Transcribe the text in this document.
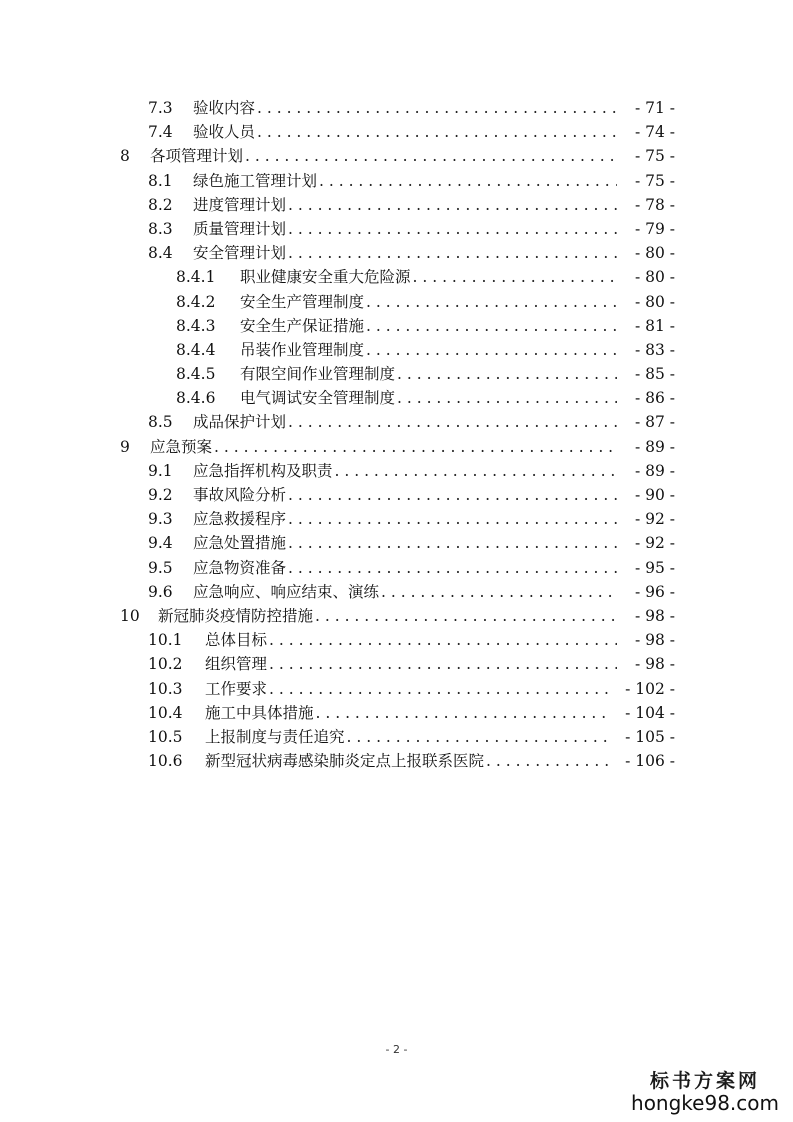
7.3 验收内容 . . .	- 71 -
7.4 验收人员 . . .	- 74 -
8 各项管理计划 . . .	- 75 -
8.1 绿色施工管理计划 . . .	- 75 -
8.2 进度管理计划 . . .	- 78 -
8.3 质量管理计划 . . .	- 79 -
8.4 安全管理计划 . . .	- 80 -
8.4.1 职业健康安全重大危险源 . . .	- 80 -
8.4.2 安全生产管理制度 . . .	- 80 -
8.4.3 安全生产保证措施 . . .	- 81 -
8.4.4 吊装作业管理制度 . . .	- 83 -
8.4.5 有限空间作业管理制度 . . .	- 85 -
8.4.6 电气调试安全管理制度 . . .	- 86 -
8.5 成品保护计划 . . .	- 87 -
9 应急预案 . . .	- 89 -
9.1 应急指挥机构及职责 . . .	- 89 -
9.2 事故风险分析 . . .	- 90 -
9.3 应急救援程序 . . .	- 92 -
9.4 应急处置措施 . . .	- 92 -
9.5 应急物资准备 . . .	- 95 -
9.6 应急响应、响应结束、演练 . . .	- 96 -
10 新冠肺炎疫情防控措施 . . .	- 98 -
10.1 总体目标 . . .	- 98 -
10.2 组织管理 . . .	- 98 -
10.3 工作要求 . . .	- 102 -
10.4 施工中具体措施 . . .	- 104 -
10.5 上报制度与责任追究 . . .	- 105 -
10.6 新型冠状病毒感染肺炎定点上报联系医院 . . .	- 106 -
- 2 -
标书方案网
hongke98.com
